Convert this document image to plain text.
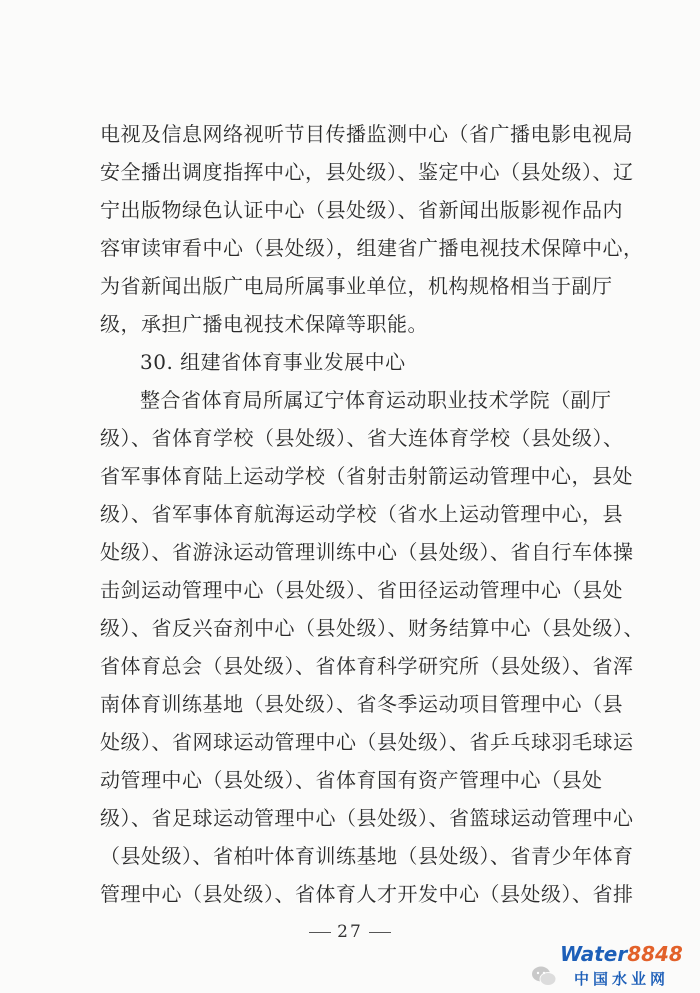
电视及信息网络视听节目传播监测中心（省广播电影电视局
安全播出调度指挥中心，县处级）、鉴定中心（县处级）、辽
宁出版物绿色认证中心（县处级）、省新闻出版影视作品内
容审读审看中心（县处级），组建省广播电视技术保障中心，
为省新闻出版广电局所属事业单位，机构规格相当于副厅
级，承担广播电视技术保障等职能。
30. 组建省体育事业发展中心
整合省体育局所属辽宁体育运动职业技术学院（副厅
级）、省体育学校（县处级）、省大连体育学校（县处级）、
省军事体育陆上运动学校（省射击射箭运动管理中心，县处
级）、省军事体育航海运动学校（省水上运动管理中心，县
处级）、省游泳运动管理训练中心（县处级）、省自行车体操
击剑运动管理中心（县处级）、省田径运动管理中心（县处
级）、省反兴奋剂中心（县处级）、财务结算中心（县处级）、
省体育总会（县处级）、省体育科学研究所（县处级）、省浑
南体育训练基地（县处级）、省冬季运动项目管理中心（县
处级）、省网球运动管理中心（县处级）、省乒乓球羽毛球运
动管理中心（县处级）、省体育国有资产管理中心（县处
级）、省足球运动管理中心（县处级）、省篮球运动管理中心
（县处级）、省柏叶体育训练基地（县处级）、省青少年体育
管理中心（县处级）、省体育人才开发中心（县处级）、省排
27
Water8848
中国水业网
